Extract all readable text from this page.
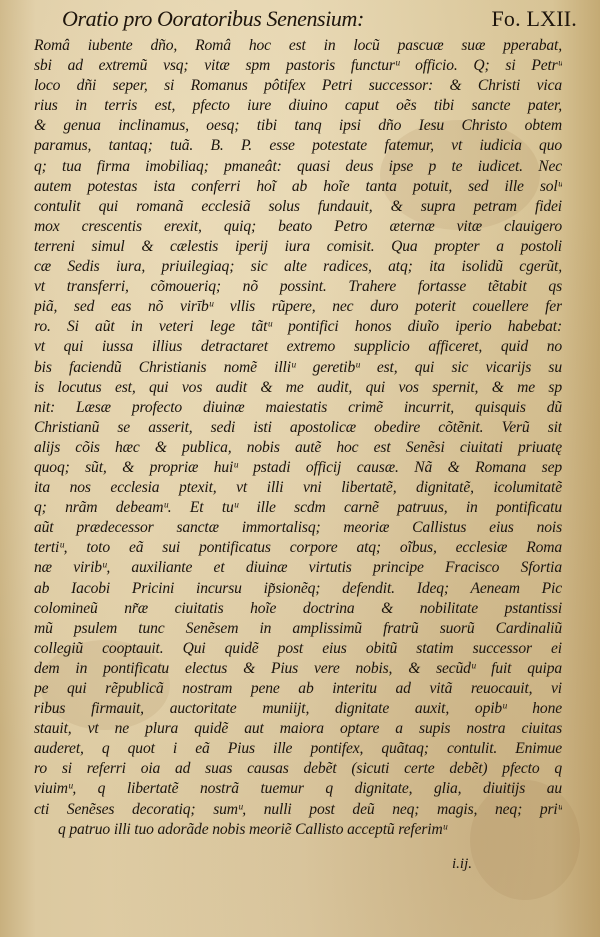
Oratio pro Ooratoribus Senensium:	Fo. LXII.
Româ iubente dño, Româ hoc est in locũ pascuæ suæ pperabat,
sbi ad extremũ vsq; vitæ spm pastoris functurᵘ officio. Q; si Petrᵘ
loco dñi seper, si Romanus pôtifex Petri successor: & Christi vica
rius in terris est, pfecto iure diuino caput oẽs tibi sancte pater,
& genua inclinamus, oesq; tibi tanq ipsi dño Iesu Christo obtem
paramus, tantaq; tuã. B. P. esse potestate fatemur, vt iudicia quo
q; tua firma imobiliaq; pmaneât: quasi deus ipse p te iudicet. Nec
autem potestas ista conferri hoĩ ab hoĩe tanta potuit, sed ille solᵘ
contulit qui romanã ecclesiã solus fundauit, & supra petram fidei
mox crescentis erexit, quiq; beato Petro æternæ vitæ clauigero
terreni simul & cælestis iperij iura comisit. Qua propter a postoli
cæ Sedis iura, priuilegiaq; sic alte radices, atq; ita isolidũ cgerũt,
vt transferri, cõmoueriq; nõ possint. Trahere fortasse tẽtabit qs
piã, sed eas nõ virībᵘ vllis rũpere, nec duro poterit couellere fer
ro. Si aũt in veteri lege tãtᵘ pontifici honos diuĩo iperio habebat:
vt qui iussa illius detractaret extremo supplicio afficeret, quid no
bis faciendũ Christianis nomẽ illiᵘ geretibᵘ est, qui sic vicarijs su
is locutus est, qui vos audit & me audit, qui vos spernit, & me sp
nit: Læsæ profecto diuinæ maiestatis crimẽ incurrit, quisquis dũ
Christianũ se asserit, sedi isti apostolicæ obedire cõtẽnit. Verũ sit
alijs cõis hæc & publica, nobis autẽ hoc est Senẽsi ciuitati priuatę
quoq; sũt, & propriæ huiᵘ pstadi officij causæ. Nã & Romana sep
ita nos ecclesia ptexit, vt illi vni libertatẽ, dignitatẽ, icolumitatẽ
q; nrãm debeamᵘ. Et tuᵘ ille scdm carnẽ patruus, in pontificatu
aũt prædecessor sanctæ immortalisq; meoriæ Callistus eius nois
tertiᵘ, toto eã sui pontificatus corpore atq; oĩbus, ecclesiæ Roma
næ viribᵘ, auxiliante et diuinæ virtutis principe Fracisco Sfortia
ab Iacobi Pricini incursu ip̃sionẽq; defendit. Ideq; Aeneam Pic
colomineũ nr̃æ ciuitatis hoĩe doctrina & nobilitate pstantissi
mũ psulem tunc Senẽsem in amplissimũ fratrũ suorũ Cardinaliũ
collegiũ cooptauit. Qui quidẽ post eius obitũ statim successor ei
dem in pontificatu electus & Pius vere nobis, & secũdᵘ fuit quipa
pe qui rẽpublicã nostram pene ab interitu ad vitã reuocauit, vi
ribus firmauit, auctoritate muniijt, dignitate auxit, opibᵘ hone
stauit, vt ne plura quidẽ aut maiora optare a supis nostra ciuitas
auderet, q quot i eã Pius ille pontifex, quãtaq; contulit. Enimue
ro si referri oia ad suas causas debẽt (sicuti certe debẽt) pfecto q
viuimᵘ, q libertatẽ nostrã tuemur q dignitate, glia, diuitijs au
cti Senẽses decoratiq; sumᵘ, nulli post deũ neq; magis, neq; priᵘ
q patruo illi tuo adorãde nobis meoriẽ Callisto acceptũ referimᵘ
i.ij.
